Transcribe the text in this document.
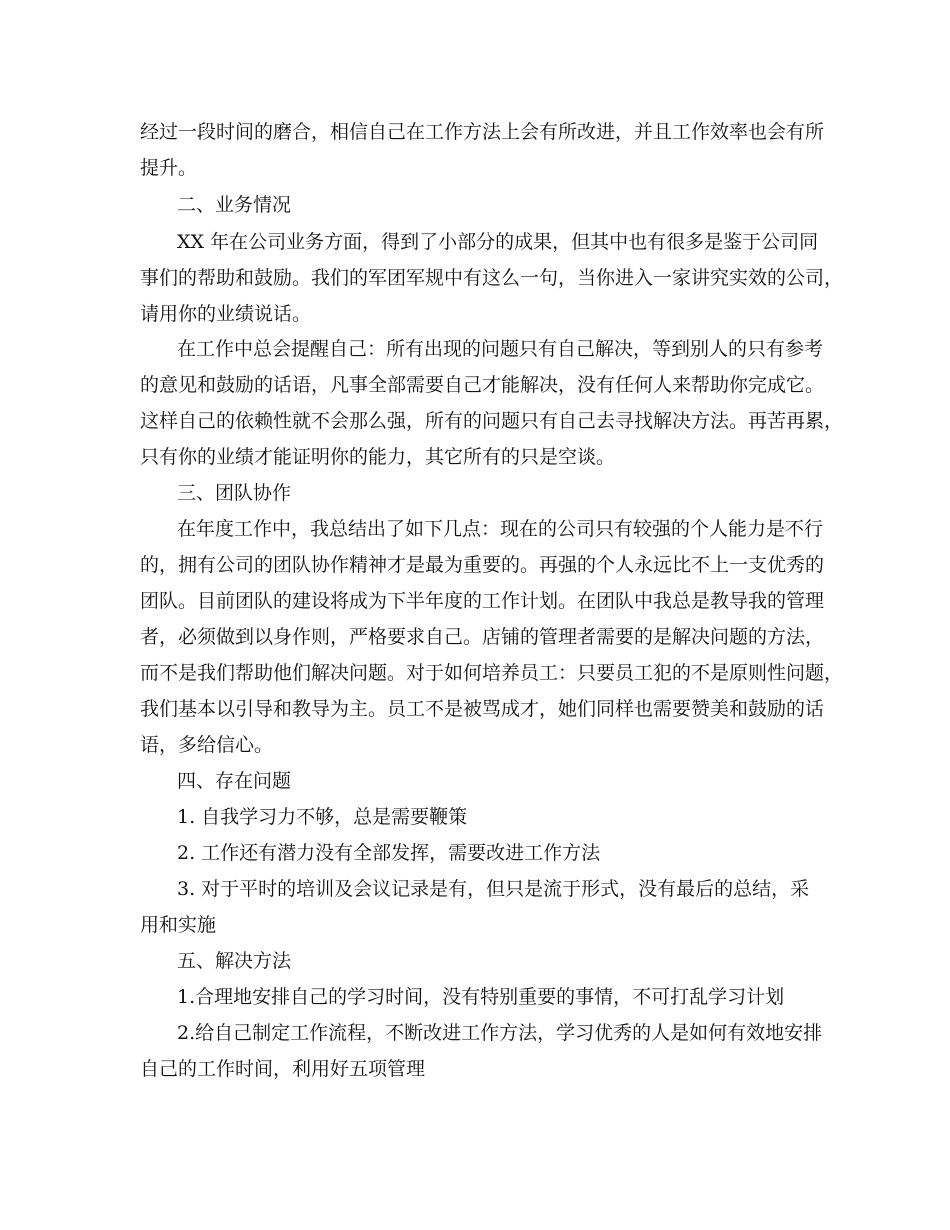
经过一段时间的磨合，相信自己在工作方法上会有所改进，并且工作效率也会有所
提升。
二、业务情况
XX 年在公司业务方面，得到了小部分的成果，但其中也有很多是鉴于公司同
事们的帮助和鼓励。我们的军团军规中有这么一句，当你进入一家讲究实效的公司，
请用你的业绩说话。
在工作中总会提醒自己：所有出现的问题只有自己解决，等到别人的只有参考
的意见和鼓励的话语，凡事全部需要自己才能解决，没有任何人来帮助你完成它。
这样自己的依赖性就不会那么强，所有的问题只有自己去寻找解决方法。再苦再累，
只有你的业绩才能证明你的能力，其它所有的只是空谈。
三、团队协作
在年度工作中，我总结出了如下几点：现在的公司只有较强的个人能力是不行
的，拥有公司的团队协作精神才是最为重要的。再强的个人永远比不上一支优秀的
团队。目前团队的建设将成为下半年度的工作计划。在团队中我总是教导我的管理
者，必须做到以身作则，严格要求自己。店铺的管理者需要的是解决问题的方法，
而不是我们帮助他们解决问题。对于如何培养员工：只要员工犯的不是原则性问题，
我们基本以引导和教导为主。员工不是被骂成才，她们同样也需要赞美和鼓励的话
语，多给信心。
四、存在问题
1. 自我学习力不够，总是需要鞭策
2. 工作还有潜力没有全部发挥，需要改进工作方法
3. 对于平时的培训及会议记录是有，但只是流于形式，没有最后的总结，采
用和实施
五、解决方法
1.合理地安排自己的学习时间，没有特别重要的事情，不可打乱学习计划
2.给自己制定工作流程，不断改进工作方法，学习优秀的人是如何有效地安排
自己的工作时间，利用好五项管理
